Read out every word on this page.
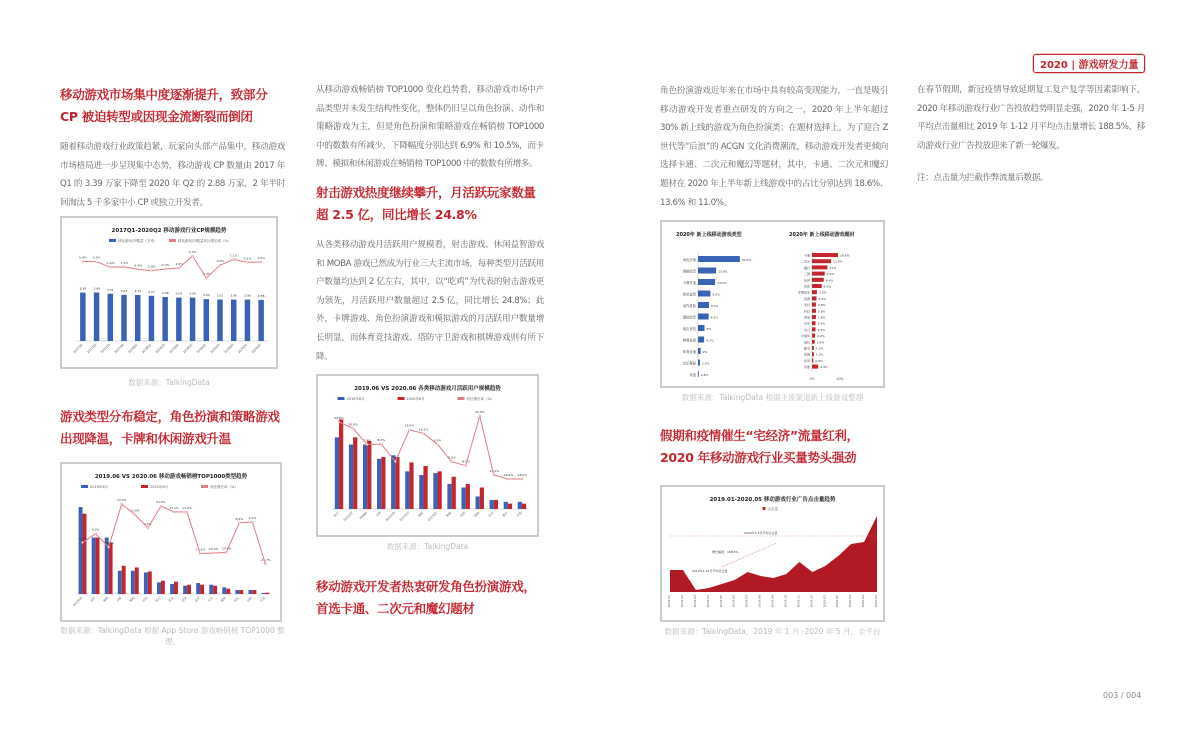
2020 | 游戏研发力量
移动游戏市场集中度逐渐提升，致部分 CP 被迫转型或因现金流断裂而倒闭
随着移动游戏行业政策趋紧，玩家向头部产品集中，移动游戏市场格局进一步呈现集中态势，移动游戏 CP 数量由 2017 年 Q1 的 3.39 万家下降至 2020 年 Q2 的 2.88 万家，2 年半时间淘汰 5 千多家中小 CP 或独立开发者。
2017Q1-2020Q2 移动游戏行业CP规模趋势
移动游戏CP数量（万家）	移动游戏CP数量环比增长率（%）
3.39
0.4%
2017Q1
3.40
0.3%
2017Q2
3.31
-1.6%
2017Q3
3.23
-1.5%
2017Q4
3.23
-2.4%
2018Q1
3.17
-2.8%
2018Q2
3.08
-2.3%
2018Q3
3.04
-1.9%
2018Q4
3.04
2.3%
2019Q1
2.93
-5.4%
2019Q2
2.91
-0.9%
2019Q3
2.90
1.1%
2019Q4
2.90
0.1%
2020Q1
2.88
0.2%
2020Q2
数据来源：TalkingData
游戏类型分布稳定，角色扮演和策略游戏出现降温，卡牌和休闲游戏升温
2019.06 VS 2020.06 移动游戏畅销榜TOP1000类型趋势
2019年6月	2020年6月	同比增长率（%）
-6.9%
角色扮演
0.0%
动作
-10.5%
策略
23.3%
卡牌
15.0%
模拟
4.6%
休闲
21.6%
射击
17.1%
体育
17.0%
竞速
-15.5%
益智
-15.2%
音乐
-14.6%
棋牌
8.6%
冒险
9.1%
塔防
-23.7%
其他
数据来源：TalkingData 根据 App Store 游戏畅销榜 TOP1000 整理。
从移动游戏畅销榜 TOP1000 变化趋势看，移动游戏市场中产品类型并未发生结构性变化，整体仍旧呈以角色扮演、动作和策略游戏为主，但是角色扮演和策略游戏在畅销榜 TOP1000 中的数数有所减少，下降幅度分别达到 6.9% 和 10.5%，而卡牌、模拟和休闲游戏在畅销榜 TOP1000 中的数数有所增多。
射击游戏热度继续攀升，月活跃玩家数量超 2.5 亿，同比增长 24.8%
从各类移动游戏月活跃用户规模看，射击游戏、休闲益智游戏和 MOBA 游戏已然成为行业三大主流市场，每种类型月活跃用户数量均达到 2 亿左右，其中，以“吃鸡”为代表的射击游戏更为领先，月活跃用户数量超过 2.5 亿，同比增长 24.8%；此外，卡牌游戏、角色扮演游戏和模拟游戏的月活跃用户数量增长明显，而体育竞技游戏、塔防守卫游戏和棋牌游戏则有所下降。
2019.06 VS 2020.06 各类移动游戏月活跃用户规模趋势
2019年6月	2020年6月	同比增长率（%）
24.8%
射击
20.0%
休闲益智
7.8%
MOBA
8.2%
卡牌
-5.0%
角色扮演
19.0%
体育竞技
16.2%
模拟
8.0%
动作冒险
-5.0%
策略
-8.0%
塔防
29.3%
棋牌
-15.0%
音乐
-18.0%
赛车
-18.0%
其他
数据来源：TalkingData
移动游戏开发者热衷研发角色扮演游戏，首选卡通、二次元和魔幻题材
角色扮演游戏近年来在市场中具有较高变现能力，一直是吸引移动游戏开发者重点研发的方向之一，2020 年上半年超过 30% 新上线的游戏为角色扮演类；在题材选择上，为了迎合 Z 世代等“后浪”的 ACGN 文化消费潮流，移动游戏开发者更倾向选择卡通、二次元和魔幻等题材，其中，卡通、二次元和魔幻题材在 2020 年上半年新上线游戏中的占比分别达到 18.6%、13.6% 和 11.0%。
2020年 新上线移动游戏类型	2020年 新上线移动游戏题材
角色扮演	32.2%
策略经营	13.9%
卡牌对战	13.2%
休闲益智	9.5%
动作冒险	8.5%
模拟经营	8.2%
射击竞技	5%
棋牌桌游	4.7%
体育竞速 2%
音乐舞蹈 1.5%
其他 0.6%
卡通	18.6%
二次元	13.6%
魔幻	11%
三国	9.1%
仙侠	8.4%
武侠	6.9%
军事战争	3.5%
西游	3.2%
奇幻	2.8%
科幻	2.8%
神话	2.8%
历史	2.5%
末日	2.5%
中国风 2.2%
现代 1.9%
都市 1.3%
校园 1.3%
机甲 0.9%
其他	4.4%
0%	20%
数据来源：TalkingData 根据主流渠道新上线游戏整理
假期和疫情催生“宅经济”流量红利，2020 年移动游戏行业买量势头强劲
2019.01-2020.05 移动游戏行业广告点击量趋势
点击量
2019.01	2019.02	2019.03	2019.04	2019.05	2019.06	2019.07	2019.08	2019.09	2019.10	2019.11	2019.12	2020.01	2020.02	2020.03	2020.04	2020.05
2020年1-5月平均点击量
增长幅度：188.5%
2019年1-12月平均点击量
数据来源：TalkingData，2019 年 1 月 -2020 年 5 月，全平台
在春节假期，新冠疫情导致延期复工复产复学等因素影响下，2020 年移动游戏行业广告投放趋势明显走强，2020 年 1-5 月平均点击量相比 2019 年 1-12 月平均点击量增长 188.5%，移动游戏行业广告投放迎来了新一轮爆发。
注：点击量为拦截作弊流量后数据。
003 / 004
